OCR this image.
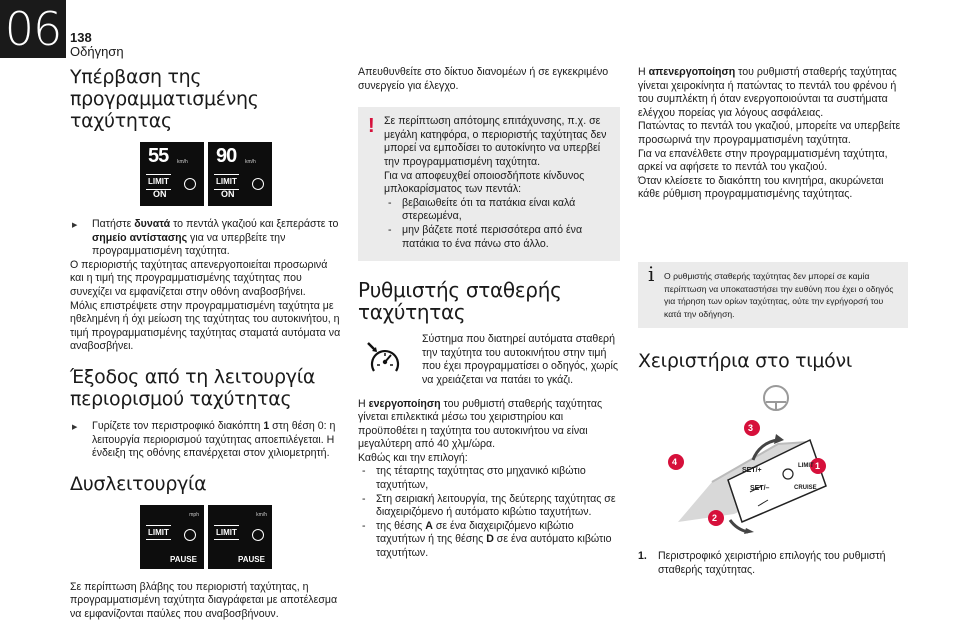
06 138
Οδήγηση
Υπέρβαση της προγραμματισμένης ταχύτητας
55 km/h
LIMIT
ON
90 km/h
LIMIT
ON

▶ Πατήστε δυνατά το πεντάλ γκαζιού και ξεπεράστε το σημείο αντίστασης για να υπερβείτε την προγραμματισμένη ταχύτητα.

Ο περιοριστής ταχύτητας απενεργοποιείται προσωρινά και η τιμή της προγραμματισμένης ταχύτητας που συνεχίζει να εμφανίζεται στην οθόνη αναβοσβήνει.

Μόλις επιστρέψετε στην προγραμματισμένη ταχύτητα με ηθελημένη ή όχι μείωση της ταχύτητας του αυτοκινήτου, η τιμή προγραμματισμένης ταχύτητας σταματά αυτόματα να αναβοσβήνει.

Έξοδος από τη λειτουργία περιορισμού ταχύτητας

▶ Γυρίζετε τον περιστροφικό διακόπτη 1 στη θέση 0: η λειτουργία περιορισμού ταχύτητας αποεπιλέγεται. Η ένδειξη της οθόνης επανέρχεται στον χιλιομετρητή.

Δυσλειτουργία
mph
LIMIT
PAUSE
km/h
LIMIT
PAUSE

Σε περίπτωση βλάβης του περιοριστή ταχύτητας, η προγραμματισμένη ταχύτητα διαγράφεται με αποτέλεσμα να εμφανίζονται παύλες που αναβοσβήνουν.

Απευθυνθείτε στο δίκτυο διανομέων ή σε εγκεκριμένο συνεργείο για έλεγχο.

! Σε περίπτωση απότομης επιτάχυνσης, π.χ. σε μεγάλη κατηφόρα, ο περιοριστής ταχύτητας δεν μπορεί να εμποδίσει το αυτοκίνητο να υπερβεί την προγραμματισμένη ταχύτητα.

Για να αποφευχθεί οποιοσδήποτε κίνδυνος μπλοκαρίσματος των πεντάλ:

- βεβαιωθείτε ότι τα πατάκια είναι καλά στερεωμένα,

- μην βάζετε ποτέ περισσότερα από ένα πατάκια το ένα πάνω στο άλλο.

Ρυθμιστής σταθερής ταχύτητας

Σύστημα που διατηρεί αυτόματα σταθερή την ταχύτητα του αυτοκινήτου στην τιμή που έχει προγραμματίσει ο οδηγός, χωρίς να χρειάζεται να πατάει το γκάζι.

Η ενεργοποίηση του ρυθμιστή σταθερής ταχύτητας γίνεται επιλεκτικά μέσω του χειριστηρίου και προϋποθέτει η ταχύτητα του αυτοκινήτου να είναι μεγαλύτερη από 40 χλμ/ώρα.

Καθώς και την επιλογή:

- της τέταρτης ταχύτητας στο μηχανικό κιβώτιο ταχυτήτων,

- Στη σειριακή λειτουργία, της δεύτερης ταχύτητας σε διαχειριζόμενο ή αυτόματο κιβώτιο ταχυτήτων.

- της θέσης A σε ένα διαχειριζόμενο κιβώτιο ταχυτήτων ή της θέσης D σε ένα αυτόματο κιβώτιο ταχυτήτων.

Η απενεργοποίηση του ρυθμιστή σταθερής ταχύτητας γίνεται χειροκίνητα ή πατώντας το πεντάλ του φρένου ή του συμπλέκτη ή όταν ενεργοποιούνται τα συστήματα ελέγχου πορείας για λόγους ασφάλειας.

Πατώντας το πεντάλ του γκαζιού, μπορείτε να υπερβείτε προσωρινά την προγραμματισμένη ταχύτητα.

Για να επανέλθετε στην προγραμματισμένη ταχύτητα, αρκεί να αφήσετε το πεντάλ του γκαζιού.

Όταν κλείσετε το διακόπτη του κινητήρα, ακυρώνεται κάθε ρύθμιση προγραμματισμένης ταχύτητας.

i Ο ρυθμιστής σταθερής ταχύτητας δεν μπορεί σε καμία περίπτωση να υποκαταστήσει την ευθύνη που έχει ο οδηγός για τήρηση των ορίων ταχύτητας, ούτε την εγρήγορσή του κατά την οδήγηση.

Χειριστήρια στο τιμόνι
SET/+
SET/–
LIMIT
CRUISE
3
4	1
2

1. Περιστροφικό χειριστήριο επιλογής του ρυθμιστή σταθερής ταχύτητας.
